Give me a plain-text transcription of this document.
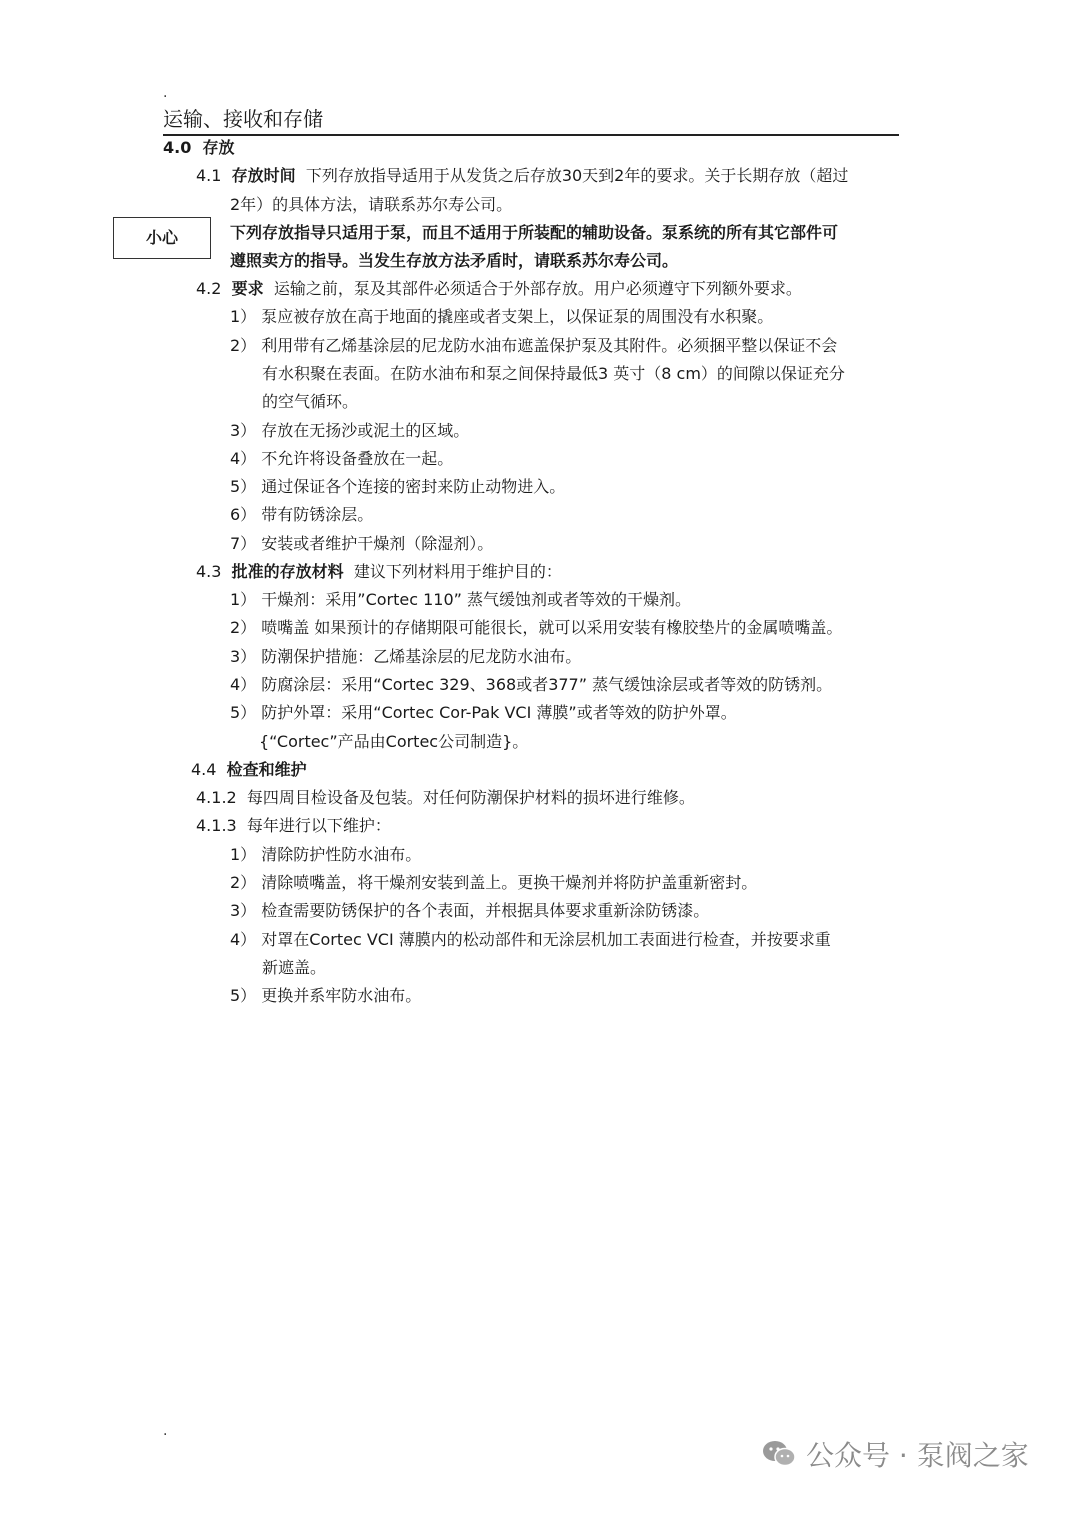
.
运输、接收和存储
4.0 存放
4.1 存放时间 下列存放指导适用于从发货之后存放30天到2年的要求。关于长期存放（超过
2年）的具体方法，请联系苏尔寿公司。
小心	下列存放指导只适用于泵，而且不适用于所装配的辅助设备。泵系统的所有其它部件可
遵照卖方的指导。当发生存放方法矛盾时，请联系苏尔寿公司。
4.2 要求 运输之前，泵及其部件必须适合于外部存放。用户必须遵守下列额外要求。
1） 泵应被存放在高于地面的撬座或者支架上，以保证泵的周围没有水积聚。
2） 利用带有乙烯基涂层的尼龙防水油布遮盖保护泵及其附件。必须捆平整以保证不会
有水积聚在表面。在防水油布和泵之间保持最低3 英寸（8 cm）的间隙以保证充分
的空气循环。
3） 存放在无扬沙或泥土的区域。
4） 不允许将设备叠放在一起。
5） 通过保证各个连接的密封来防止动物进入。
6） 带有防锈涂层。
7） 安装或者维护干燥剂（除湿剂）。
4.3 批准的存放材料 建议下列材料用于维护目的：
1） 干燥剂：采用”Cortec 110” 蒸气缓蚀剂或者等效的干燥剂。
2） 喷嘴盖 如果预计的存储期限可能很长，就可以采用安装有橡胶垫片的金属喷嘴盖。
3） 防潮保护措施：乙烯基涂层的尼龙防水油布。
4） 防腐涂层：采用“Cortec 329、368或者377” 蒸气缓蚀涂层或者等效的防锈剂。
5） 防护外罩：采用“Cortec Cor-Pak VCI 薄膜”或者等效的防护外罩。
{“Cortec”产品由Cortec公司制造}。
4.4 检查和维护
4.1.2 每四周目检设备及包装。对任何防潮保护材料的损坏进行维修。
4.1.3 每年进行以下维护：
1） 清除防护性防水油布。
2） 清除喷嘴盖，将干燥剂安装到盖上。更换干燥剂并将防护盖重新密封。
3） 检查需要防锈保护的各个表面，并根据具体要求重新涂防锈漆。
4） 对罩在Cortec VCI 薄膜内的松动部件和无涂层机加工表面进行检查，并按要求重
新遮盖。
5） 更换并系牢防水油布。
.
公众号 · 泵阀之家
